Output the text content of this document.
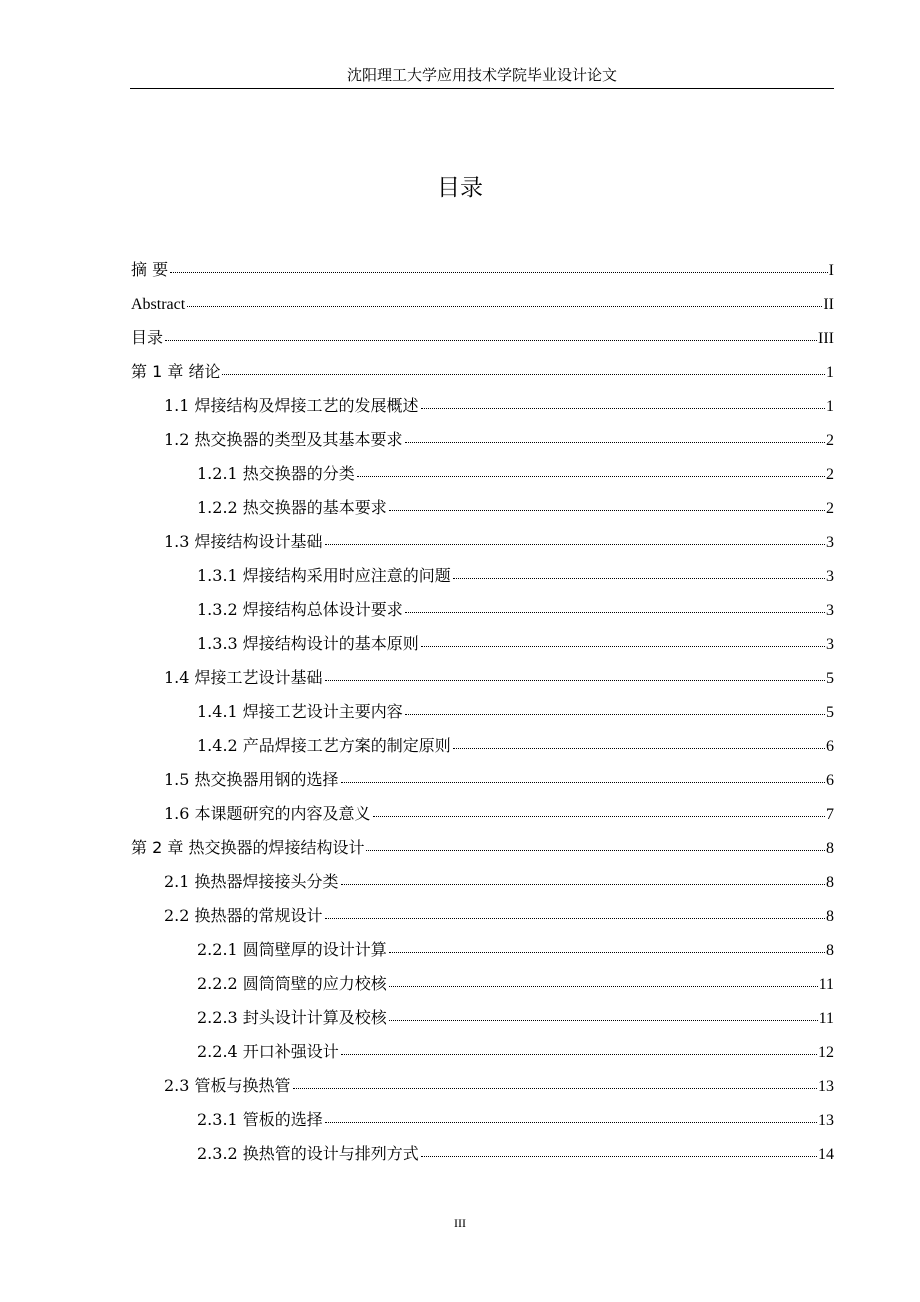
沈阳理工大学应用技术学院毕业设计论文
目录
摘 要	I
Abstract	II
目录	III
第 1 章 绪论	1
1.1 焊接结构及焊接工艺的发展概述	1
1.2 热交换器的类型及其基本要求	2
1.2.1 热交换器的分类	2
1.2.2 热交换器的基本要求	2
1.3 焊接结构设计基础	3
1.3.1 焊接结构采用时应注意的问题	3
1.3.2 焊接结构总体设计要求	3
1.3.3 焊接结构设计的基本原则	3
1.4 焊接工艺设计基础	5
1.4.1 焊接工艺设计主要内容	5
1.4.2 产品焊接工艺方案的制定原则	6
1.5 热交换器用钢的选择	6
1.6 本课题研究的内容及意义	7
第 2 章 热交换器的焊接结构设计	8
2.1 换热器焊接接头分类	8
2.2 换热器的常规设计	8
2.2.1 圆筒壁厚的设计计算	8
2.2.2 圆筒筒壁的应力校核	11
2.2.3 封头设计计算及校核	11
2.2.4 开口补强设计	12
2.3 管板与换热管	13
2.3.1 管板的选择	13
2.3.2 换热管的设计与排列方式	14
III
